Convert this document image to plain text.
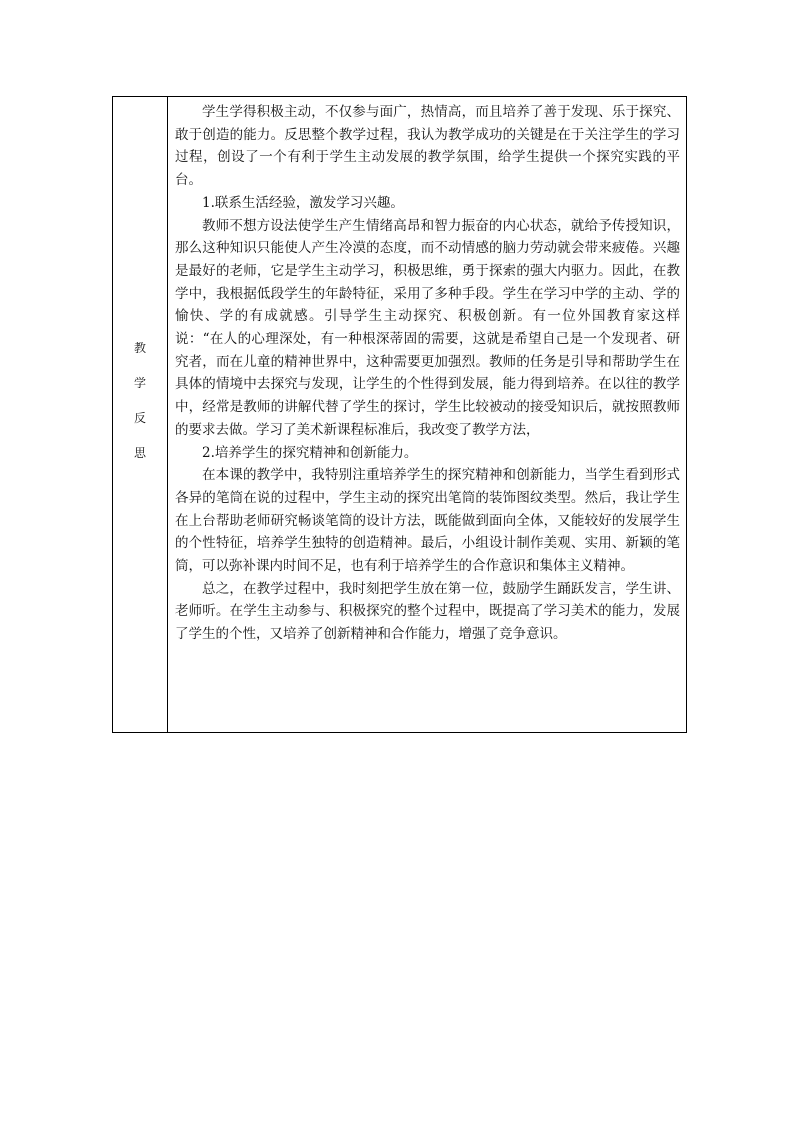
教
学
反
思

学生学得积极主动，不仅参与面广，热情高，而且培养了善于发现、乐于探究、敢于创造的能力。反思整个教学过程，我认为教学成功的关键是在于关注学生的学习过程，创设了一个有利于学生主动发展的教学氛围，给学生提供一个探究实践的平台。

1.联系生活经验，激发学习兴趣。

教师不想方设法使学生产生情绪高昂和智力振奋的内心状态，就给予传授知识，那么这种知识只能使人产生冷漠的态度，而不动情感的脑力劳动就会带来疲倦。兴趣是最好的老师，它是学生主动学习，积极思维，勇于探索的强大内驱力。因此，在教学中，我根据低段学生的年龄特征，采用了多种手段。学生在学习中学的主动、学的愉快、学的有成就感。引导学生主动探究、积极创新。有一位外国教育家这样说：“在人的心理深处，有一种根深蒂固的需要，这就是希望自己是一个发现者、研究者，而在儿童的精神世界中，这种需要更加强烈。教师的任务是引导和帮助学生在具体的情境中去探究与发现，让学生的个性得到发展，能力得到培养。在以往的教学中，经常是教师的讲解代替了学生的探讨，学生比较被动的接受知识后，就按照教师的要求去做。学习了美术新课程标准后，我改变了教学方法，

2.培养学生的探究精神和创新能力。

在本课的教学中，我特别注重培养学生的探究精神和创新能力，当学生看到形式各异的笔筒在说的过程中，学生主动的探究出笔筒的装饰图纹类型。然后，我让学生在上台帮助老师研究畅谈笔筒的设计方法，既能做到面向全体，又能较好的发展学生的个性特征，培养学生独特的创造精神。最后，小组设计制作美观、实用、新颖的笔筒，可以弥补课内时间不足，也有利于培养学生的合作意识和集体主义精神。

总之，在教学过程中，我时刻把学生放在第一位，鼓励学生踊跃发言，学生讲、老师听。在学生主动参与、积极探究的整个过程中，既提高了学习美术的能力，发展了学生的个性，又培养了创新精神和合作能力，增强了竞争意识。
